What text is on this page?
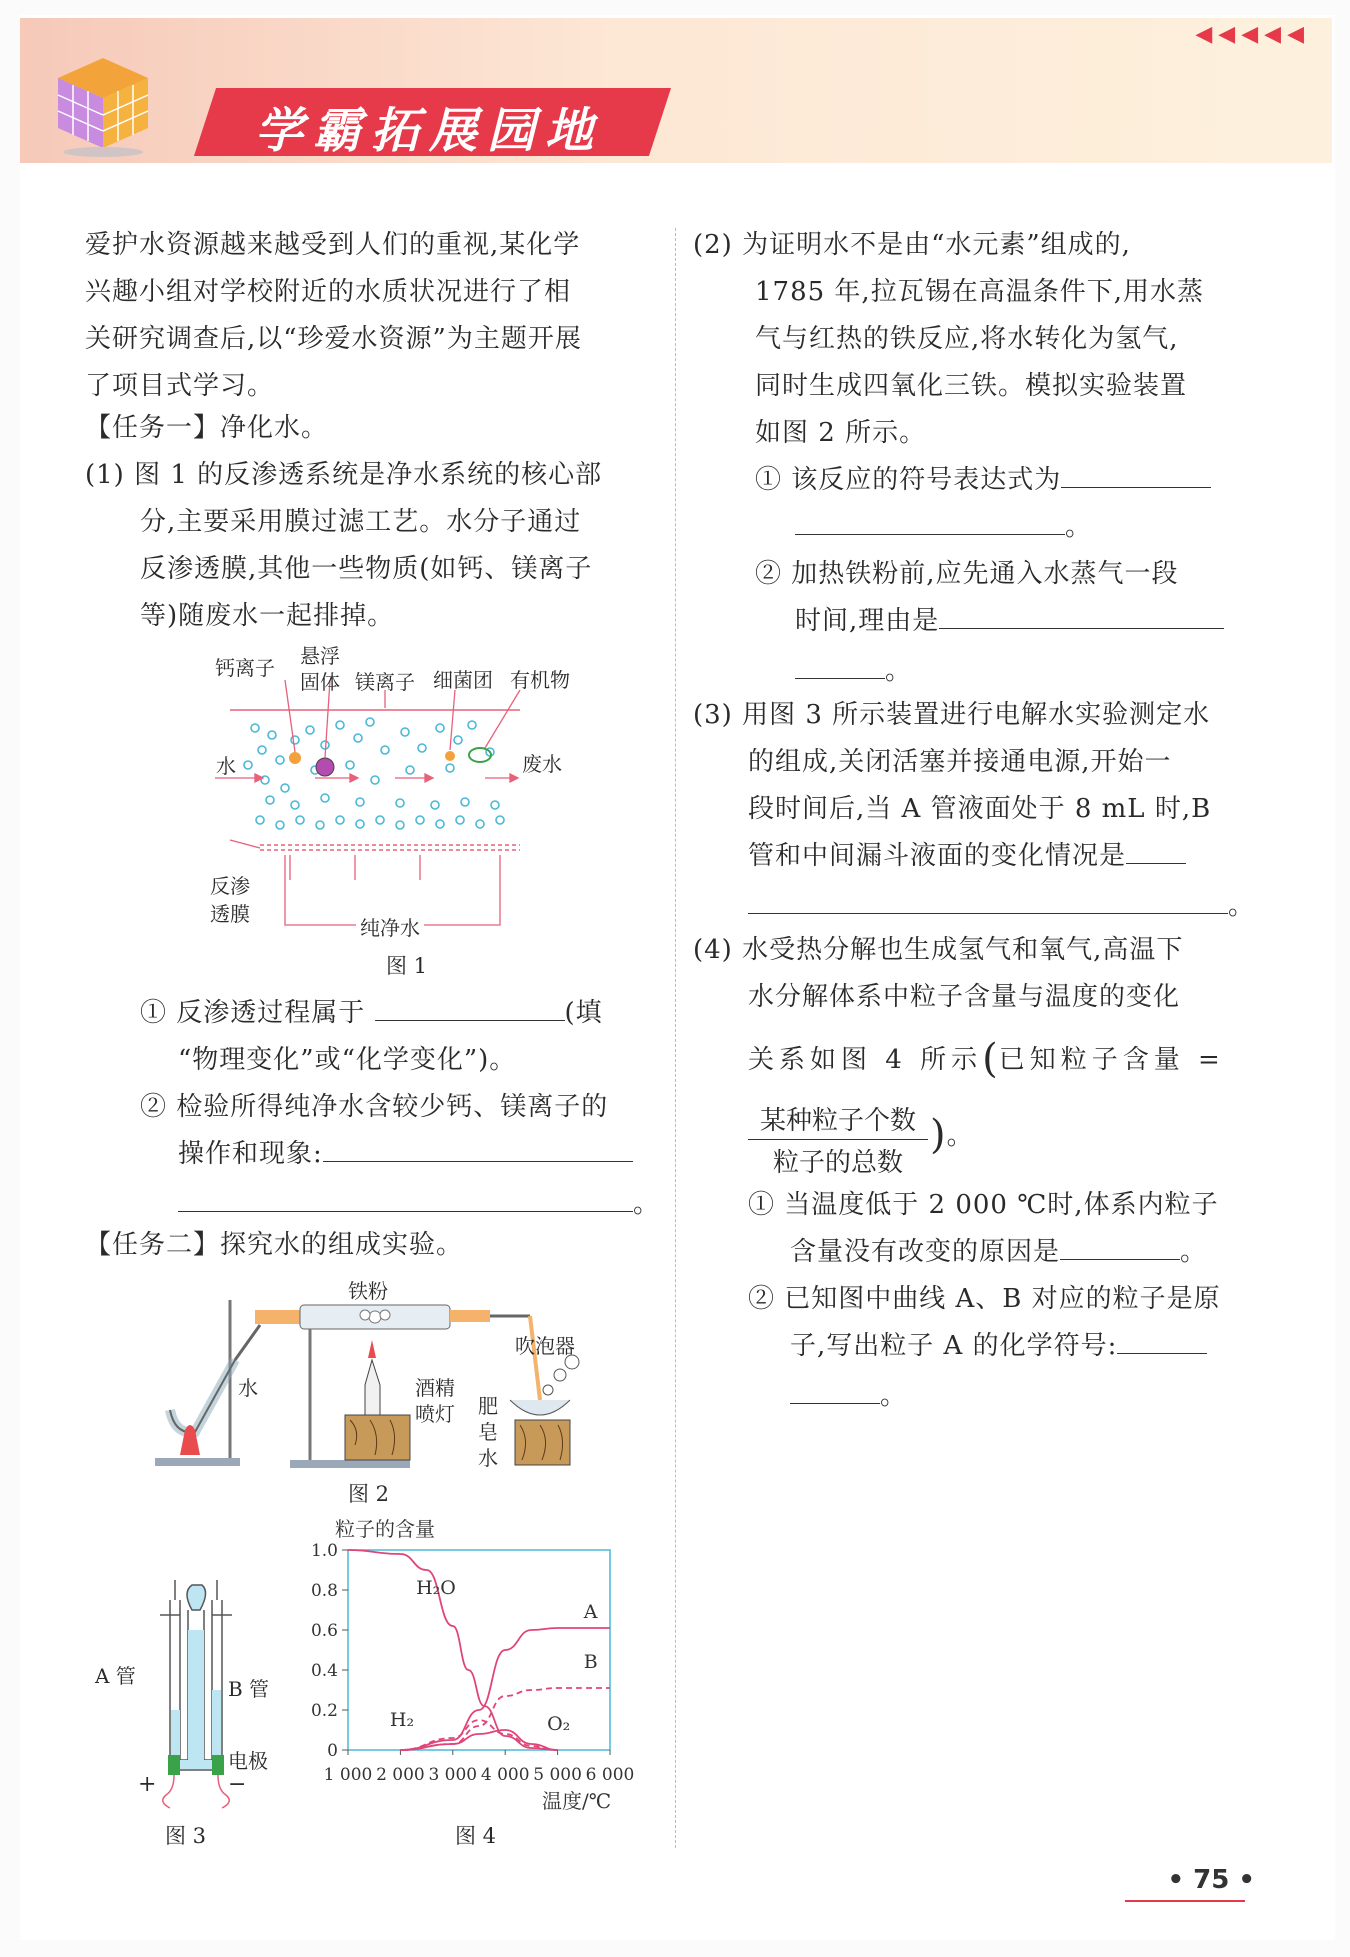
学霸拓展园地
◀◀◀◀◀
爱护水资源越来越受到人们的重视,某化学
兴趣小组对学校附近的水质状况进行了相
关研究调查后,以“珍爱水资源”为主题开展
了项目式学习。
【任务一】净化水。
(1) 图 1 的反渗透系统是净水系统的核心部
分,主要采用膜过滤工艺。水分子通过
反渗透膜,其他一些物质(如钙、镁离子
等)随废水一起排掉。
钙离子 悬浮
固体 镁离子 细菌团 有机物
水	废水
反渗
透膜
纯净水
图 1
① 反渗透过程属于	(填
“物理变化”或“化学变化”)。
② 检验所得纯净水含较少钙、镁离子的
操作和现象:
。
【任务二】探究水的组成实验。
铁粉
水	酒精
喷灯
吹泡器
肥
皂
水
图 2
A 管
B 管
电极
+	−
图 3
粒子的含量
温度/℃
0
0.2
0.4
0.6
0.8
1.0
1 000 2 000 3 000 4 000 5 000 6 000
H₂O
A
B
H₂	O₂
图 4
(2) 为证明水不是由“水元素”组成的,
1785 年,拉瓦锡在高温条件下,用水蒸
气与红热的铁反应,将水转化为氢气,
同时生成四氧化三铁。模拟实验装置
如图 2 所示。
① 该反应的符号表达式为
。
② 加热铁粉前,应先通入水蒸气一段
时间,理由是
。
(3) 用图 3 所示装置进行电解水实验测定水
的组成,关闭活塞并接通电源,开始一
段时间后,当 A 管液面处于 8 mL 时,B
管和中间漏斗液面的变化情况是
。
(4) 水受热分解也生成氢气和氧气,高温下
水分解体系中粒子含量与温度的变化
关系如图 4 所示(已知粒子含量 =
某种粒子个数
粒子的总数
)。
① 当温度低于 2 000 ℃时,体系内粒子
含量没有改变的原因是	。
② 已知图中曲线 A、B 对应的粒子是原
子,写出粒子 A 的化学符号:
。
• 75 •
